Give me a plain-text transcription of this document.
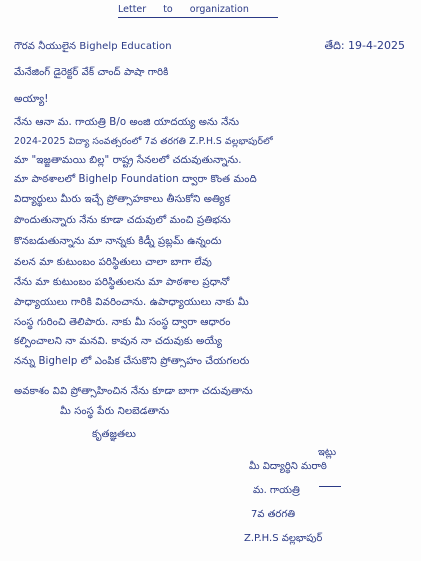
Letter to organization
గౌరవ నీయులైన Bighelp Education	తేది: 19-4-2025
మేనేజింగ్ డైరెక్టర్ వేక్ చాంద్ పాషా గారికి
అయ్యా!
నేను ఆనా మ. గాయత్రి B/o అంజి యాదయ్య అను నేను
2024-2025 విద్యా సంవత్సరంలో 7వ తరగతి Z.P.H.S వల్లభాపుర్‌లో
మా "ఇజ్జతామయి బిల్ల" రాష్ట్ర సేనలలో చదువుతున్నాను.
మా పాఠశాలలో Bighelp Foundation ద్వారా కొంత మంది
విద్యార్థులు మీరు ఇచ్చే ప్రోత్సాహకాలు తీసుకోని అత్యిక
పొందుతున్నారు నేను కూడా చదువులో మంచి ప్రతిభను
కొనబడుతున్నాను మా నాన్నకు కిడ్నీ ప్రబ్లమ్ ఉన్నందు
వలన మా కుటుంబం పరిస్థితులు చాలా బాగా లేవు
నేను మా కుటుంబం పరిస్థితులను మా పాఠశాల ప్రధానో
పాధ్యాయులు గారికి వివరించాను. ఉపాధ్యాయులు నాకు మీ
సంస్థ గురించి తెలిపారు. నాకు మీ సంస్థ ద్వారా ఆధారం
కల్పించాలని నా మనవి. కావున నా చదువుకు అయ్యే
నన్ను Bighelp లో ఎంపిక చేసుకొని ప్రోత్సాహం చేయగలరు
అవకాశం వివి ప్రోత్సాహించిన నేను కూడా బాగా చదువుతాను
మీ సంస్థ పేరు నిలబెడతాను
కృతజ్ఞతలు
ఇట్లు
మీ విద్యార్థిని మరాఠి
మ. గాయత్రి
7వ తరగతి
Z.P.H.S వల్లభాపుర్
